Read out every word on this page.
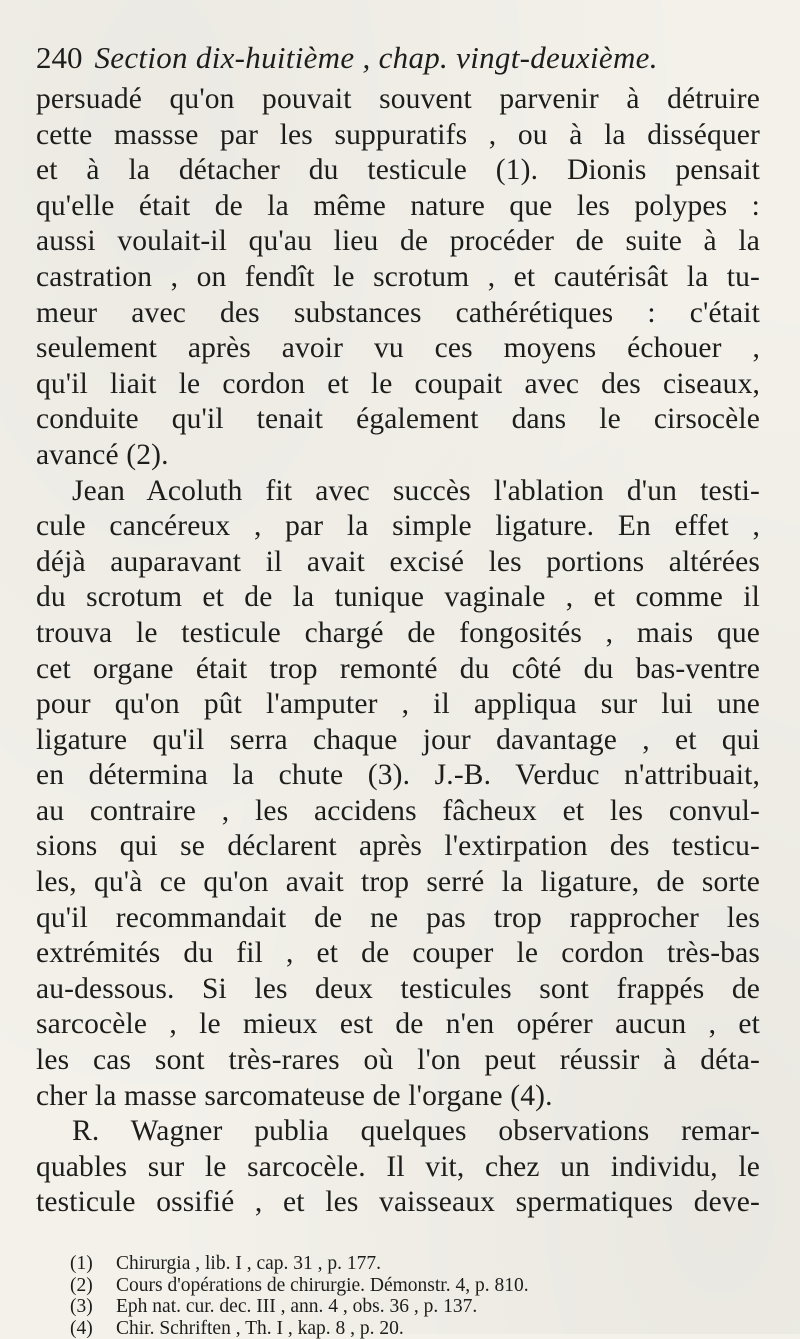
240 Section dix-huitième , chap. vingt-deuxième.
persuadé qu'on pouvait souvent parvenir à détruire
cette massse par les suppuratifs , ou à la disséquer
et à la détacher du testicule (1). Dionis pensait
qu'elle était de la même nature que les polypes :
aussi voulait-il qu'au lieu de procéder de suite à la
castration , on fendît le scrotum , et cautérisât la tu-
meur avec des substances cathérétiques : c'était
seulement après avoir vu ces moyens échouer ,
qu'il liait le cordon et le coupait avec des ciseaux,
conduite qu'il tenait également dans le cirsocèle
avancé (2).
Jean Acoluth fit avec succès l'ablation d'un testi-
cule cancéreux , par la simple ligature. En effet ,
déjà auparavant il avait excisé les portions altérées
du scrotum et de la tunique vaginale , et comme il
trouva le testicule chargé de fongosités , mais que
cet organe était trop remonté du côté du bas-ventre
pour qu'on pût l'amputer , il appliqua sur lui une
ligature qu'il serra chaque jour davantage , et qui
en détermina la chute (3). J.-B. Verduc n'attribuait,
au contraire , les accidens fâcheux et les convul-
sions qui se déclarent après l'extirpation des testicu-
les, qu'à ce qu'on avait trop serré la ligature, de sorte
qu'il recommandait de ne pas trop rapprocher les
extrémités du fil , et de couper le cordon très-bas
au-dessous. Si les deux testicules sont frappés de
sarcocèle , le mieux est de n'en opérer aucun , et
les cas sont très-rares où l'on peut réussir à déta-
cher la masse sarcomateuse de l'organe (4).
R. Wagner publia quelques observations remar-
quables sur le sarcocèle. Il vit, chez un individu, le
testicule ossifié , et les vaisseaux spermatiques deve-
(1) Chirurgia , lib. I , cap. 31 , p. 177.
(2) Cours d'opérations de chirurgie. Démonstr. 4, p. 810.
(3) Eph nat. cur. dec. III , ann. 4 , obs. 36 , p. 137.
(4) Chir. Schriften , Th. I , kap. 8 , p. 20.
